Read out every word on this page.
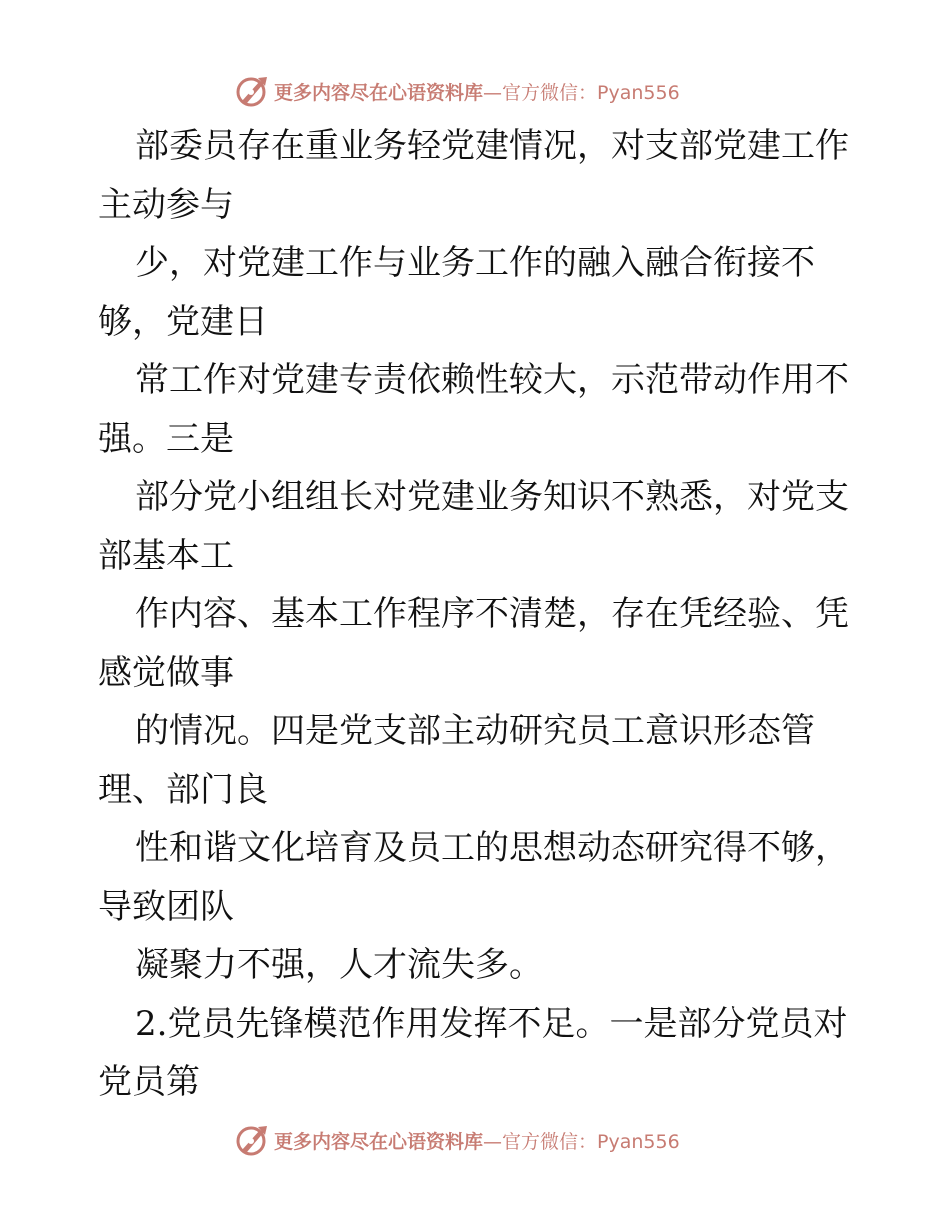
更多内容尽在心语资料库 —官方微信：Pyan556
部委员存在重业务轻党建情况，对支部党建工作
主动参与
少，对党建工作与业务工作的融入融合衔接不
够，党建日
常工作对党建专责依赖性较大，示范带动作用不
强。三是
部分党小组组长对党建业务知识不熟悉，对党支
部基本工
作内容、基本工作程序不清楚，存在凭经验、凭
感觉做事
的情况。四是党支部主动研究员工意识形态管
理、部门良
性和谐文化培育及员工的思想动态研究得不够，
导致团队
凝聚力不强，人才流失多。
2.党员先锋模范作用发挥不足。一是部分党员对
党员第
更多内容尽在心语资料库 —官方微信：Pyan556
